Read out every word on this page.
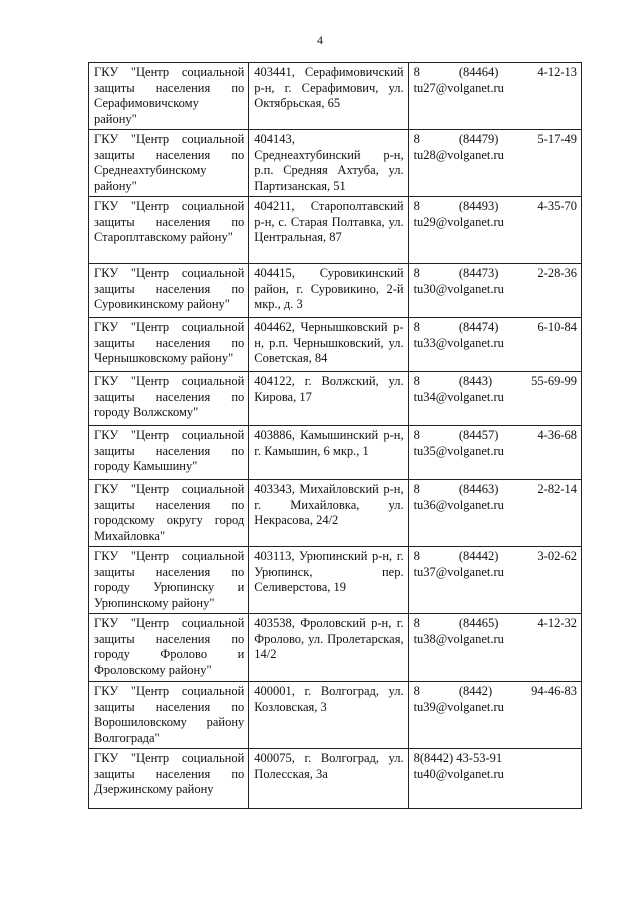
4
ГКУ "Центр социальной защиты населения по Серафимовичскому району"	403441, Серафимовичский р-н, г. Серафимович, ул. Октябрьская, 65	8 (84464) 4-12-13
tu27@volganet.ru

ГКУ "Центр социальной защиты населения по Среднеахтубинскому району"	404143, Среднеахтубинский р-н, р.п. Средняя Ахтуба, ул. Партизанская, 51	8 (84479) 5-17-49
tu28@volganet.ru

ГКУ "Центр социальной защиты населения по Староплтавскому району"	404211, Старополтавский р-н, с. Старая Полтавка, ул. Центральная, 87	8 (84493) 4-35-70
tu29@volganet.ru

ГКУ "Центр социальной защиты населения по Суровикинскому району"	404415, Суровикинский район, г. Суровикино, 2-й мкр., д. 3	8 (84473) 2-28-36
tu30@volganet.ru

ГКУ "Центр социальной защиты населения по Чернышковскому району"	404462, Чернышковский р-н, р.п. Чернышковский, ул. Советская, 84	8 (84474) 6-10-84
tu33@volganet.ru

ГКУ "Центр социальной защиты населения по городу Волжскому"	404122, г. Волжский, ул. Кирова, 17	8 (8443) 55-69-99
tu34@volganet.ru

ГКУ "Центр социальной защиты населения по городу Камышину"	403886, Камышинский р-н, г. Камышин, 6 мкр., 1	8 (84457) 4-36-68
tu35@volganet.ru

ГКУ "Центр социальной защиты населения по городскому округу город Михайловка"	403343, Михайловский р-н, г. Михайловка, ул. Некрасова, 24/2	8 (84463) 2-82-14
tu36@volganet.ru

ГКУ "Центр социальной защиты населения по городу Урюпинску и Урюпинскому району"	403113, Урюпинский р-н, г. Урюпинск, пер. Селиверстова, 19	8 (84442) 3-02-62
tu37@volganet.ru

ГКУ "Центр социальной защиты населения по городу Фролово и Фроловскому району"	403538, Фроловский р-н, г. Фролово, ул. Пролетарская, 14/2	8 (84465) 4-12-32
tu38@volganet.ru

ГКУ "Центр социальной защиты населения по Ворошиловскому району Волгограда"	400001, г. Волгоград, ул. Козловская, 3	8 (8442) 94-46-83
tu39@volganet.ru

ГКУ "Центр социальной защиты населения по Дзержинскому району	400075, г. Волгоград, ул. Полесская, 3а	8(8442) 43-53-91
tu40@volganet.ru
